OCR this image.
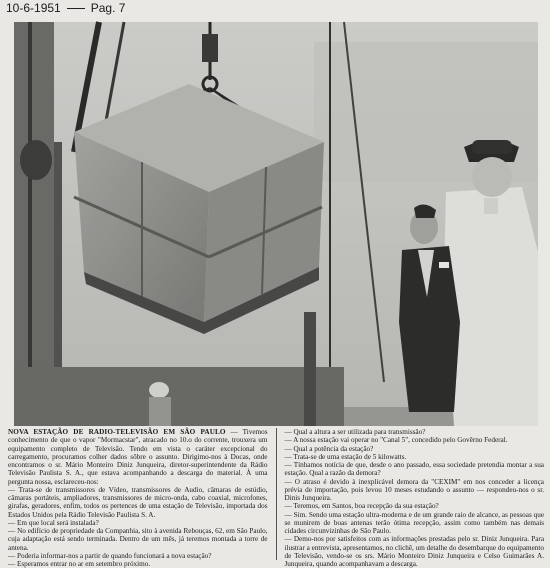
10-6-1951	Pag. 7

NOVA ESTAÇÃO DE RADIO-TELEVISÃO EM SÃO PAULO — Tivemos conhecimento de que o vapor "Mormacstar", atracado no 10.o do corrente, trouxera um equipamento completo de Televisão. Tendo em vista o caráter excepcional do carregamento, procuramos colher dados sôbre o assunto. Dirigimo-nos à Docas, onde encontramos o sr. Mário Monteiro Diniz Junqueira, diretor-superintendente da Rádio Televisão Paulista S. A., que estava acompanhando a descarga do material. À uma pergunta nossa, esclareceu-nos:

— Trata-se de transmissores de Vídeo, transmissores de Audio, câmaras de estúdio, câmaras portáteis, ampliadores, transmissores de micro-onda, cabo coaxial, microfones, girafas, geradores, enfim, todos os pertences de uma estação de Televisão, importada dos Estados Unidos pela Rádio Televisão Paulista S. A.

— Em que local será instalada?

— No edifício de propriedade da Companhia, sito à avenida Rebouças, 62, em São Paulo, cuja adaptação está sendo terminada. Dentro de um mês, já teremos montada a torre de antena.

— Poderia informar-nos a partir de quando funcionará a nova estação?

— Esperamos entrar no ar em setembro próximo.

— Qual a altura a ser utilizada para transmissão?

— A nossa estação vai operar no "Canal 5", concedido pelo Govêrno Federal.

— Qual a potência da estação?

— Trata-se de uma estação de 5 kilowatts.

— Tínhamos notícia de que, desde o ano passado, essa sociedade pretendia montar a sua estação. Qual a razão da demora?

— O atraso é devido à inexplicável demora da "CEXIM" em nos conceder a licença prévia de importação, pois levou 10 meses estudando o assunto — respondeu-nos o sr. Dinis Junqueira.

— Teremos, em Santos, boa recepção da sua estação?

— Sim. Sendo uma estação ultra-moderna e de um grande raio de alcance, as pessoas que se munirem de boas antenas terão ótima recepção, assim como também nas demais cidades circunvizinhas de São Paulo.

— Demo-nos por satisfeitos com as informações prestadas pelo sr. Diniz Junqueira. Para ilustrar a entrevista, apresentamos, no clichê, um detalhe do desembarque do equipamento de Televisão, vendo-se os srs. Mário Monteiro Diniz Junqueira e Celso Guimarães A. Junqueira, quando acompanhavam a descarga.
